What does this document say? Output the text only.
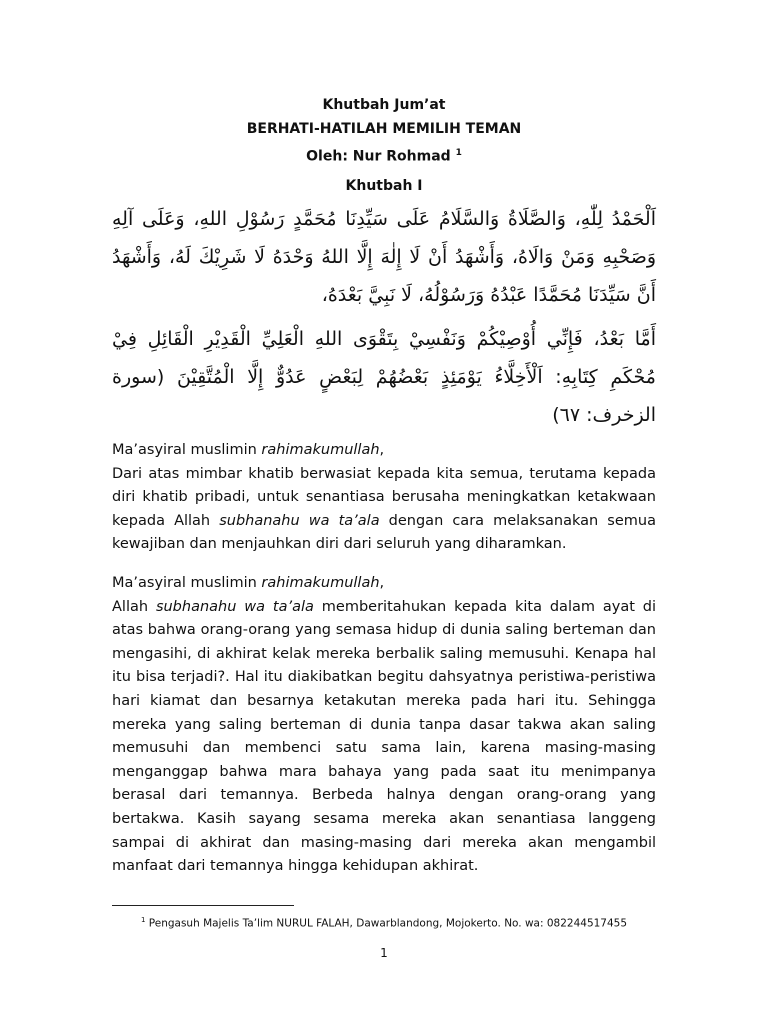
Khutbah Jum’at

BERHATI-HATILAH MEMILIH TEMAN

Oleh: Nur Rohmad $^1$

Khutbah I

اَلْحَمْدُ لِلّٰهِ، وَالصَّلَاةُ وَالسَّلَامُ عَلَى سَيِّدِنَا مُحَمَّدٍ رَسُوْلِ اللهِ، وَعَلَى آلِهِ وَصَحْبِهِ وَمَنْ وَالَاهُ، وَأَشْهَدُ أَنْ لَا إِلٰهَ إِلَّا اللهُ وَحْدَهُ لَا شَرِيْكَ لَهُ، وَأَشْهَدُ أَنَّ سَيِّدَنَا مُحَمَّدًا عَبْدُهُ وَرَسُوْلُهُ، لَا نَبِيَّ بَعْدَهُ،

أَمَّا بَعْدُ، فَإِنِّي أُوْصِيْكُمْ وَنَفْسِيْ بِتَقْوَى اللهِ الْعَلِيِّ الْقَدِيْرِ الْقَائِلِ فِيْ مُحْكَمِ كِتَابِهِ: اَلْأَخِلَّاءُ يَوْمَئِذٍ بَعْضُهُمْ لِبَعْضٍ عَدُوٌّ إِلَّا الْمُتَّقِيْنَ (سورة الزخرف: ٦٧)

Ma’asyiral muslimin rahimakumullah,

Dari atas mimbar khatib berwasiat kepada kita semua, terutama kepada diri khatib pribadi, untuk senantiasa berusaha meningkatkan ketakwaan kepada Allah subhanahu wa ta’ala dengan cara melaksanakan semua kewajiban dan menjauhkan diri dari seluruh yang diharamkan.

Ma’asyiral muslimin rahimakumullah,

Allah subhanahu wa ta’ala memberitahukan kepada kita dalam ayat di atas bahwa orang-orang yang semasa hidup di dunia saling berteman dan mengasihi, di akhirat kelak mereka berbalik saling memusuhi. Kenapa hal itu bisa terjadi?. Hal itu diakibatkan begitu dahsyatnya peristiwa-peristiwa hari kiamat dan besarnya ketakutan mereka pada hari itu. Sehingga mereka yang saling berteman di dunia tanpa dasar takwa akan saling memusuhi dan membenci satu sama lain, karena masing-masing menganggap bahwa mara bahaya yang pada saat itu menimpanya berasal dari temannya. Berbeda halnya dengan orang-orang yang bertakwa. Kasih sayang sesama mereka akan senantiasa langgeng sampai di akhirat dan masing-masing dari mereka akan mengambil manfaat dari temannya hingga kehidupan akhirat.

$^1$ Pengasuh Majelis Ta’lim NURUL FALAH, Dawarblandong, Mojokerto. No. wa: 082244517455
1
